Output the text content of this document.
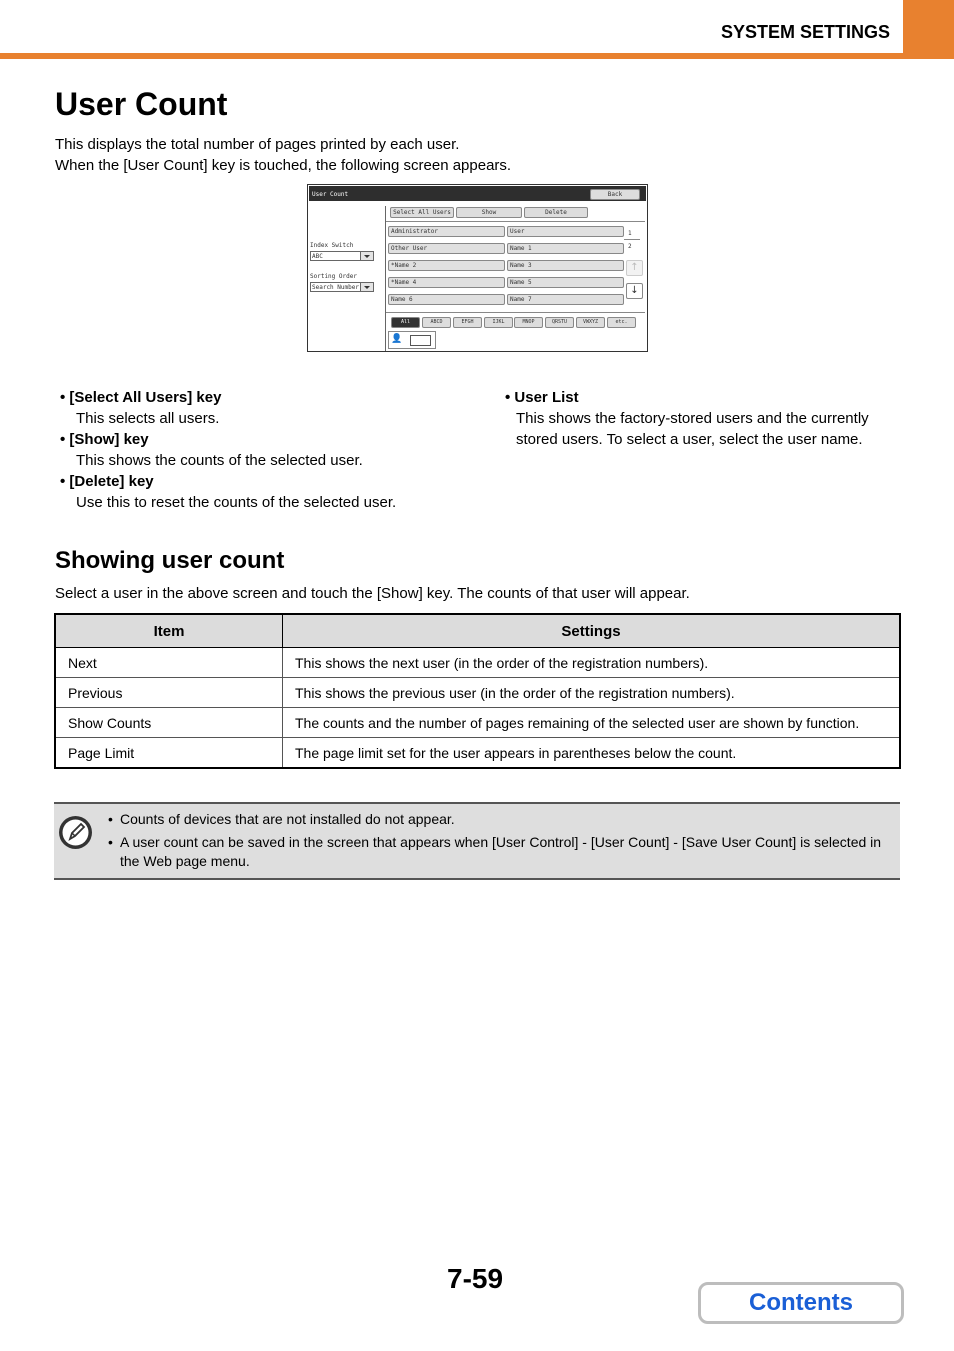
SYSTEM SETTINGS
User Count
This displays the total number of pages printed by each user.
When the [User Count] key is touched, the following screen appears.
User Count	Back
Index Switch
ABC
Sorting Order
Search Number
Select All Users	Show	Delete
Administrator	User
Other User	Name 1
*Name 2	Name 3
*Name 4	Name 5
Name 6	Name 7
1
2
↑
↓
All	ABCD	EFGH	IJKL	MNOP	QRSTU	VWXYZ	etc.
👤
• [Select All Users] key
This selects all users.
• [Show] key
This shows the counts of the selected user.
• [Delete] key
Use this to reset the counts of the selected user.
• User List
This shows the factory-stored users and the currently
stored users. To select a user, select the user name.
Showing user count
Select a user in the above screen and touch the [Show] key. The counts of that user will appear.
Item	Settings
Next	This shows the next user (in the order of the registration numbers).
Previous	This shows the previous user (in the order of the registration numbers).
Show Counts	The counts and the number of pages remaining of the selected user are shown by function.
Page Limit	The page limit set for the user appears in parentheses below the count.
• Counts of devices that are not installed do not appear.
• A user count can be saved in the screen that appears when [User Control] - [User Count] - [Save User Count] is selected in the Web page menu.
7-59
Contents
